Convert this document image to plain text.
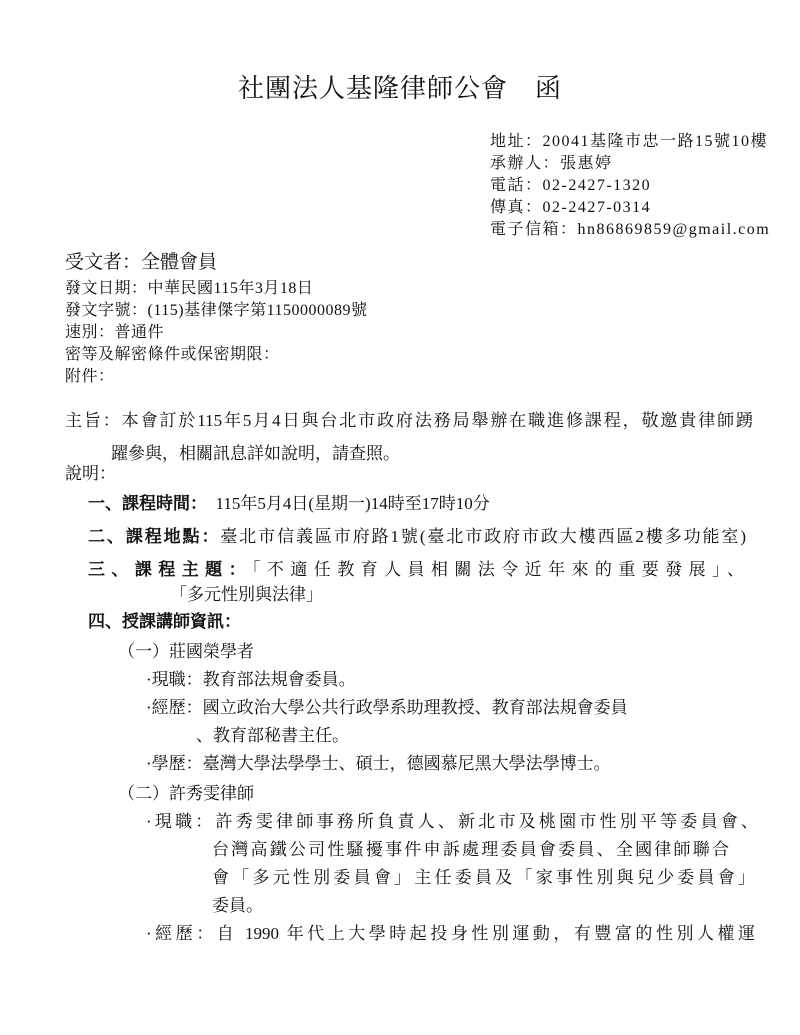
社團法人基隆律師公會　函
地址：20041基隆市忠一路15號10樓
承辦人：張惠婷
電話：02-2427-1320
傳真：02-2427-0314
電子信箱：hn86869859@gmail.com
受文者：全體會員
發文日期：中華民國115年3月18日
發文字號：(115)基律傑字第1150000089號
速別：普通件
密等及解密條件或保密期限：
附件：
主旨：本會訂於115年5月4日與台北市政府法務局舉辦在職進修課程，敬邀貴律師踴
躍參與，相關訊息詳如說明，請查照。
說明：
一、課程時間：  115年5月4日(星期一)14時至17時10分
二、課程地點：臺北市信義區市府路1號(臺北市政府市政大樓西區2樓多功能室)
三、課程主題：「不適任教育人員相關法令近年來的重要發展」、
「多元性別與法律」
四、授課講師資訊：
（一）莊國榮學者
·現職：教育部法規會委員。
·經歷：國立政治大學公共行政學系助理教授、教育部法規會委員
、教育部秘書主任。
·學歷：臺灣大學法學學士、碩士，德國慕尼黑大學法學博士。
（二）許秀雯律師
·現職：許秀雯律師事務所負責人、新北市及桃園市性別平等委員會、
台灣高鐵公司性騷擾事件申訴處理委員會委員、全國律師聯合
會「多元性別委員會」主任委員及「家事性別與兒少委員會」
委員。
·經歷：自 1990 年代上大學時起投身性別運動，有豐富的性別人權運
